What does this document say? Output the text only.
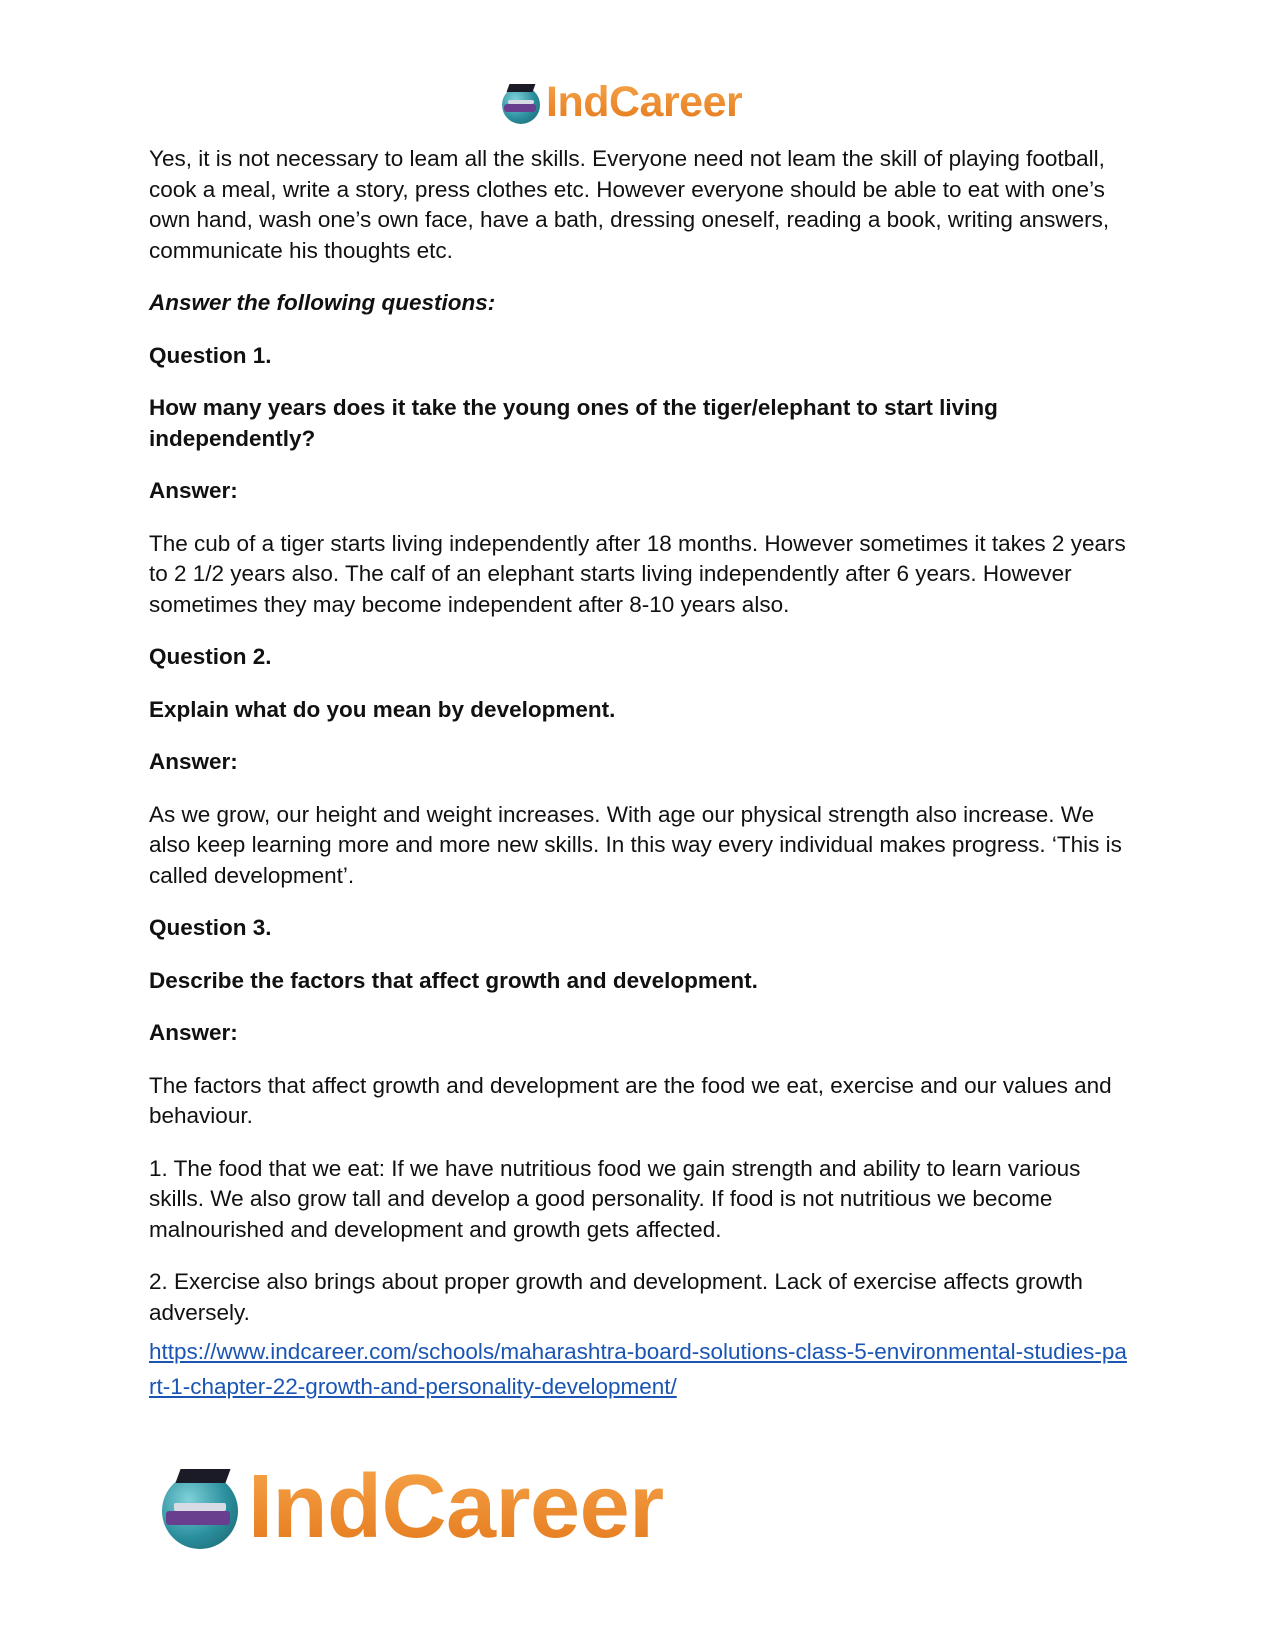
IndCareer

Yes, it is not necessary to leam all the skills. Everyone need not leam the skill of playing football, cook a meal, write a story, press clothes etc. However everyone should be able to eat with one’s own hand, wash one’s own face, have a bath, dressing oneself, reading a book, writing answers, communicate his thoughts etc.

Answer the following questions:

Question 1.

How many years does it take the young ones of the tiger/elephant to start living independently?

Answer:

The cub of a tiger starts living independently after 18 months. However sometimes it takes 2 years to 2 1/2 years also. The calf of an elephant starts living independently after 6 years. However sometimes they may become independent after 8-10 years also.

Question 2.

Explain what do you mean by development.

Answer:

As we grow, our height and weight increases. With age our physical strength also increase. We also keep learning more and more new skills. In this way every individual makes progress. ‘This is called development’.

Question 3.

Describe the factors that affect growth and development.

Answer:

The factors that affect growth and development are the food we eat, exercise and our values and behaviour.

1. The food that we eat: If we have nutritious food we gain strength and ability to learn various skills. We also grow tall and develop a good personality. If food is not nutritious we become malnourished and development and growth gets affected.

2. Exercise also brings about proper growth and development. Lack of exercise affects growth adversely.

https://www.indcareer.com/schools/maharashtra-board-solutions-class-5-environmental-studies-part-1-chapter-22-growth-and-personality-development/
IndCareer
